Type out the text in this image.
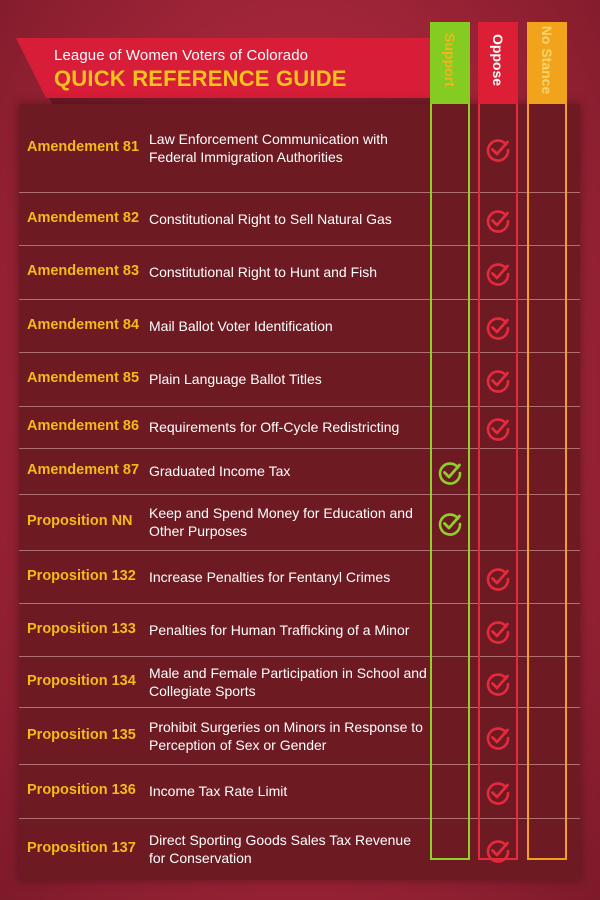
League of Women Voters of Colorado
QUICK REFERENCE GUIDE
Amendement 81 Law Enforcement Communication with Federal Immigration Authorities
Amendement 82 Constitutional Right to Sell Natural Gas
Amendement 83 Constitutional Right to Hunt and Fish
Amendement 84 Mail Ballot Voter Identification
Amendement 85 Plain Language Ballot Titles
Amendement 86 Requirements for Off-Cycle Redistricting
Amendement 87 Graduated Income Tax
Proposition NN Keep and Spend Money for Education and Other Purposes
Proposition 132 Increase Penalties for Fentanyl Crimes
Proposition 133 Penalties for Human Trafficking of a Minor
Proposition 134 Male and Female Participation in School and Collegiate Sports
Proposition 135 Prohibit Surgeries on Minors in Response to Perception of Sex or Gender
Proposition 136 Income Tax Rate Limit
Proposition 137 Direct Sporting Goods Sales Tax Revenue for Conservation
Support Oppose No Stance
